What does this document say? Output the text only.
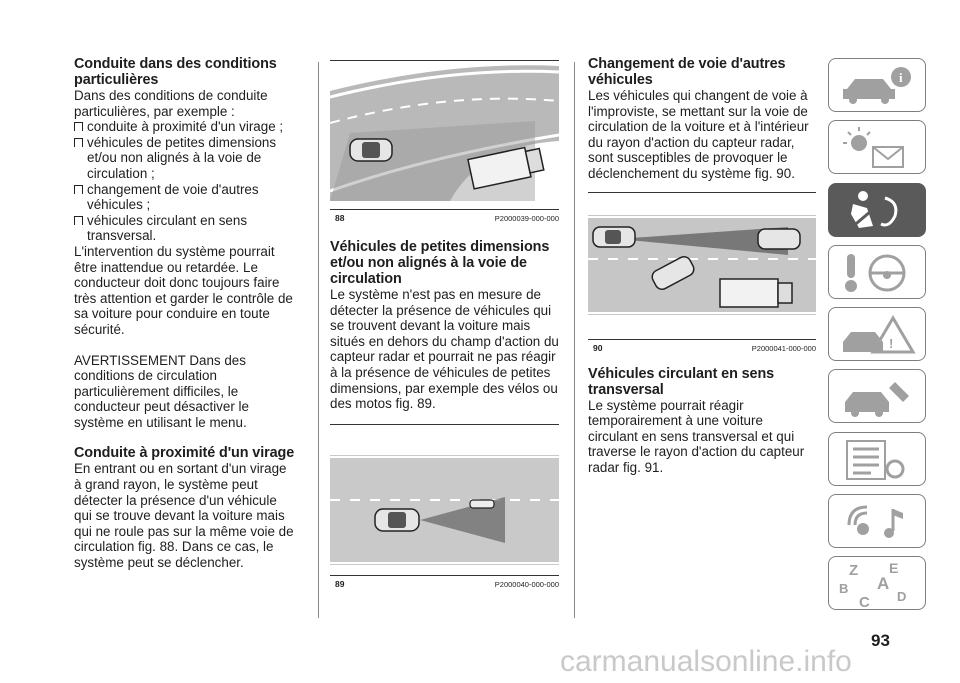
Conduite dans des conditions particulières

Dans des conditions de conduite particulières, par exemple :

conduite à proximité d'un virage ;
véhicules de petites dimensions et/ou non alignés à la voie de circulation ;
changement de voie d'autres véhicules ;
véhicules circulant en sens transversal.

L'intervention du système pourrait être inattendue ou retardée. Le conducteur doit donc toujours faire très attention et garder le contrôle de sa voiture pour conduire en toute sécurité.

AVERTISSEMENT Dans des conditions de circulation particulièrement difficiles, le conducteur peut désactiver le système en utilisant le menu.

Conduite à proximité d'un virage

En entrant ou en sortant d'un virage à grand rayon, le système peut détecter la présence d'un véhicule qui se trouve devant la voiture mais qui ne roule pas sur la même voie de circulation fig. 88. Dans ce cas, le système peut se déclencher.

88	P2000039-000-000
Véhicules de petites dimensions et/ou non alignés à la voie de circulation

Le système n'est pas en mesure de détecter la présence de véhicules qui se trouvent devant la voiture mais situés en dehors du champ d'action du capteur radar et pourrait ne pas réagir à la présence de véhicules de petites dimensions, par exemple des vélos ou des motos fig. 89.

89	P2000040-000-000
Changement de voie d'autres véhicules

Les véhicules qui changent de voie à l'improviste, se mettant sur la voie de circulation de la voiture et à l'intérieur du rayon d'action du capteur radar, sont susceptibles de provoquer le déclenchement du système fig. 90.

90	P2000041-000-000
Véhicules circulant en sens transversal

Le système pourrait réagir temporairement à une voiture circulant en sens transversal et qui traverse le rayon d'action du capteur radar fig. 91.

i
!
Z E
A
B
C D
93
carmanualsonline.info
